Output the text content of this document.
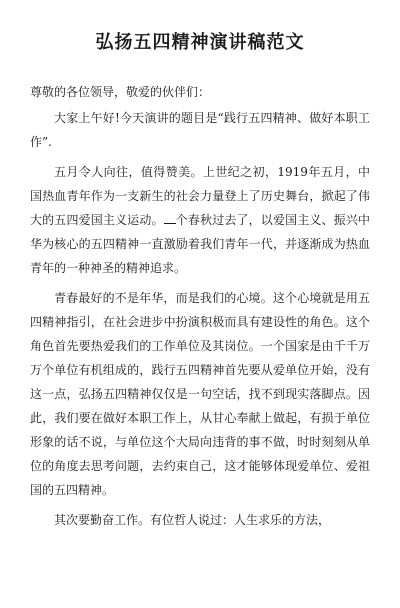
弘扬五四精神演讲稿范文

尊敬的各位领导，敬爱的伙伴们：

大家上午好!今天演讲的题目是“践行五四精神、做好本职工作”.

五月令人向往，值得赞美。上世纪之初，1919年五月，中国热血青年作为一支新生的社会力量登上了历史舞台，掀起了伟大的五四爱国主义运动。 个春秋过去了，以爱国主义、振兴中华为核心的五四精神一直激励着我们青年一代，并逐渐成为热血青年的一种神圣的精神追求。

青春最好的不是年华，而是我们的心境。这个心境就是用五四精神指引，在社会进步中扮演积极而具有建设性的角色。这个角色首先要热爱我们的工作单位及其岗位。一个国家是由千千万万个单位有机组成的，践行五四精神首先要从爱单位开始，没有这一点，弘扬五四精神仅仅是一句空话，找不到现实落脚点。因此，我们要在做好本职工作上，从甘心奉献上做起，有损于单位形象的话不说，与单位这个大局向违背的事不做，时时刻刻从单位的角度去思考问题，去约束自己，这才能够体现爱单位、爱祖国的五四精神。

其次要勤奋工作。有位哲人说过：人生求乐的方法，
